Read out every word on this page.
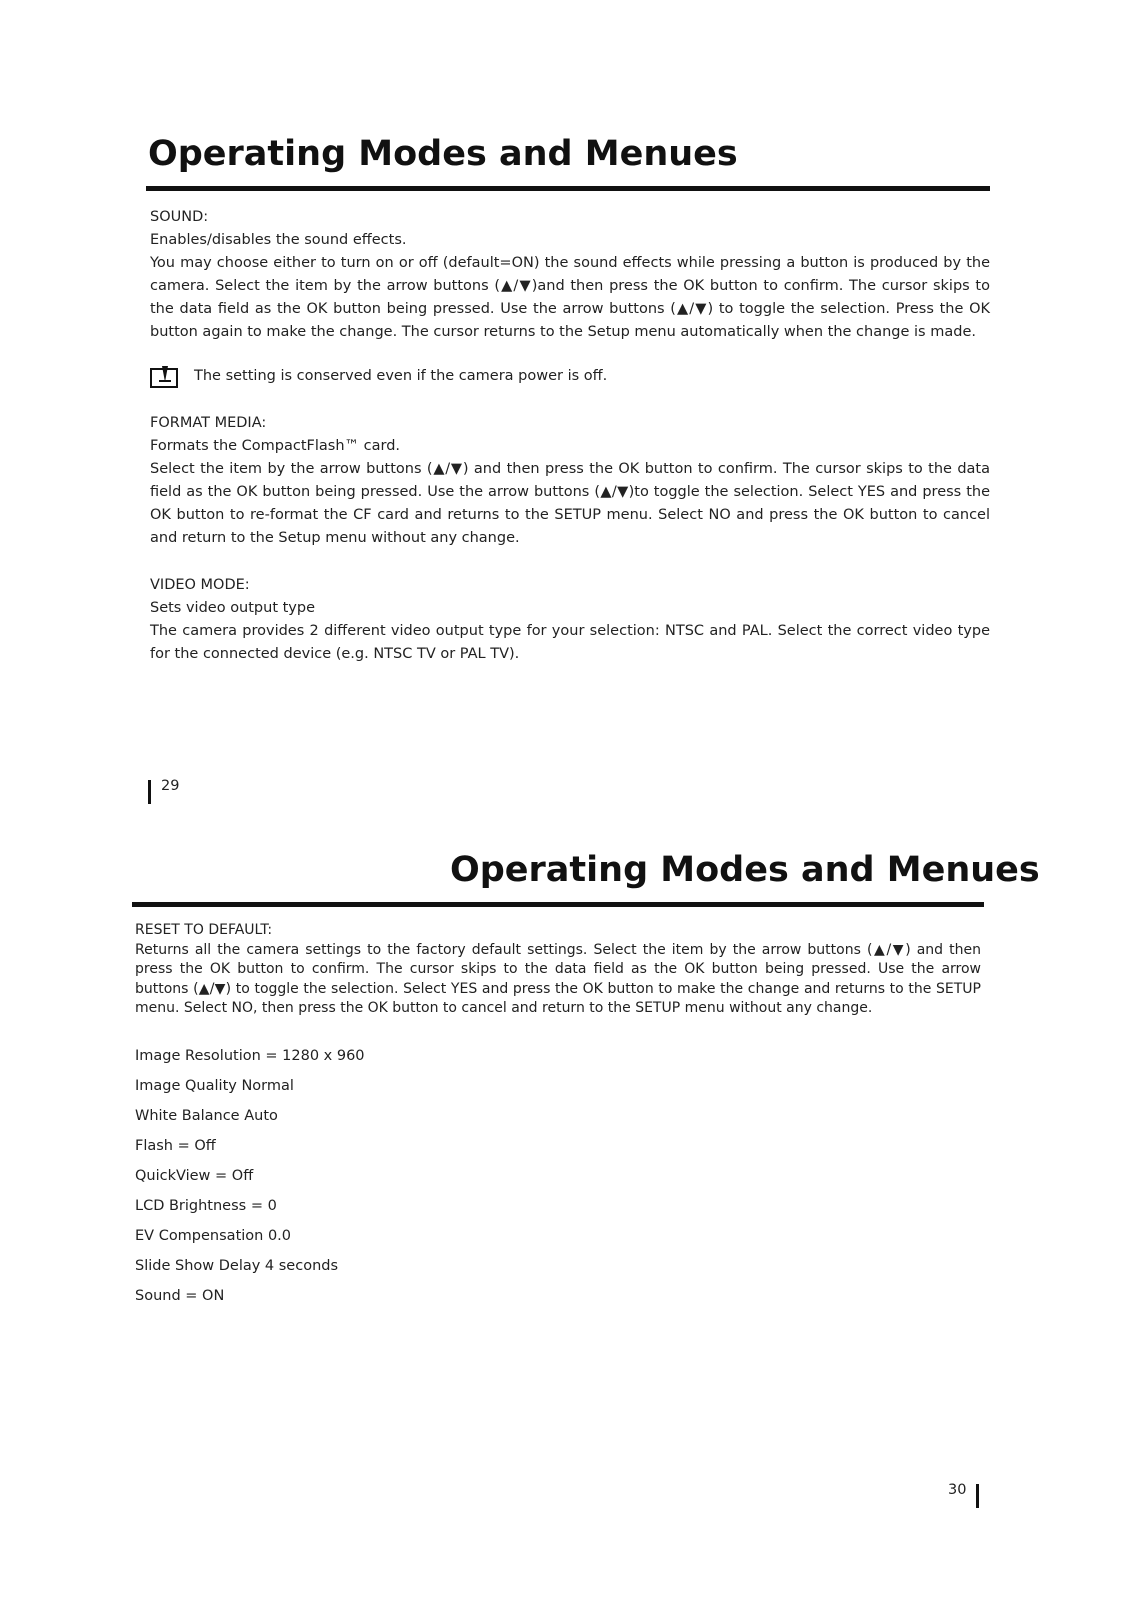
Operating Modes and Menues

SOUND:

Enables/disables the sound effects.

You may choose either to turn on or off (default=ON) the sound effects while pressing a button is produced by the camera. Select the item by the arrow buttons (▲/▼)and then press the OK button to confirm. The cursor skips to the data field as the OK button being pressed. Use the arrow buttons (▲/▼) to toggle the selection. Press the OK button again to make the change. The cursor returns to the Setup menu automatically when the change is made.

The setting is conserved even if the camera power is off.

FORMAT MEDIA:

Formats the CompactFlash™ card.

Select the item by the arrow buttons (▲/▼) and then press the OK button to confirm. The cursor skips to the data field as the OK button being pressed. Use the arrow buttons (▲/▼)to toggle the selection. Select YES and press the OK button to re-format the CF card and returns to the SETUP menu. Select NO and press the OK button to cancel and return to the Setup menu without any change.

VIDEO MODE:

Sets video output type

The camera provides 2 different video output type for your selection: NTSC and PAL. Select the correct video type for the connected device (e.g. NTSC TV or PAL TV).

29
Operating Modes and Menues

RESET TO DEFAULT:

Returns all the camera settings to the factory default settings. Select the item by the arrow buttons (▲/▼) and then press the OK button to confirm. The cursor skips to the data field as the OK button being pressed. Use the arrow buttons (▲/▼) to toggle the selection. Select YES and press the OK button to make the change and returns to the SETUP menu. Select NO, then press the OK button to cancel and return to the SETUP menu without any change.

Image Resolution = 1280 x 960
Image Quality Normal
White Balance Auto
Flash = Off
QuickView = Off
LCD Brightness = 0
EV Compensation 0.0
Slide Show Delay 4 seconds
Sound = ON
30
